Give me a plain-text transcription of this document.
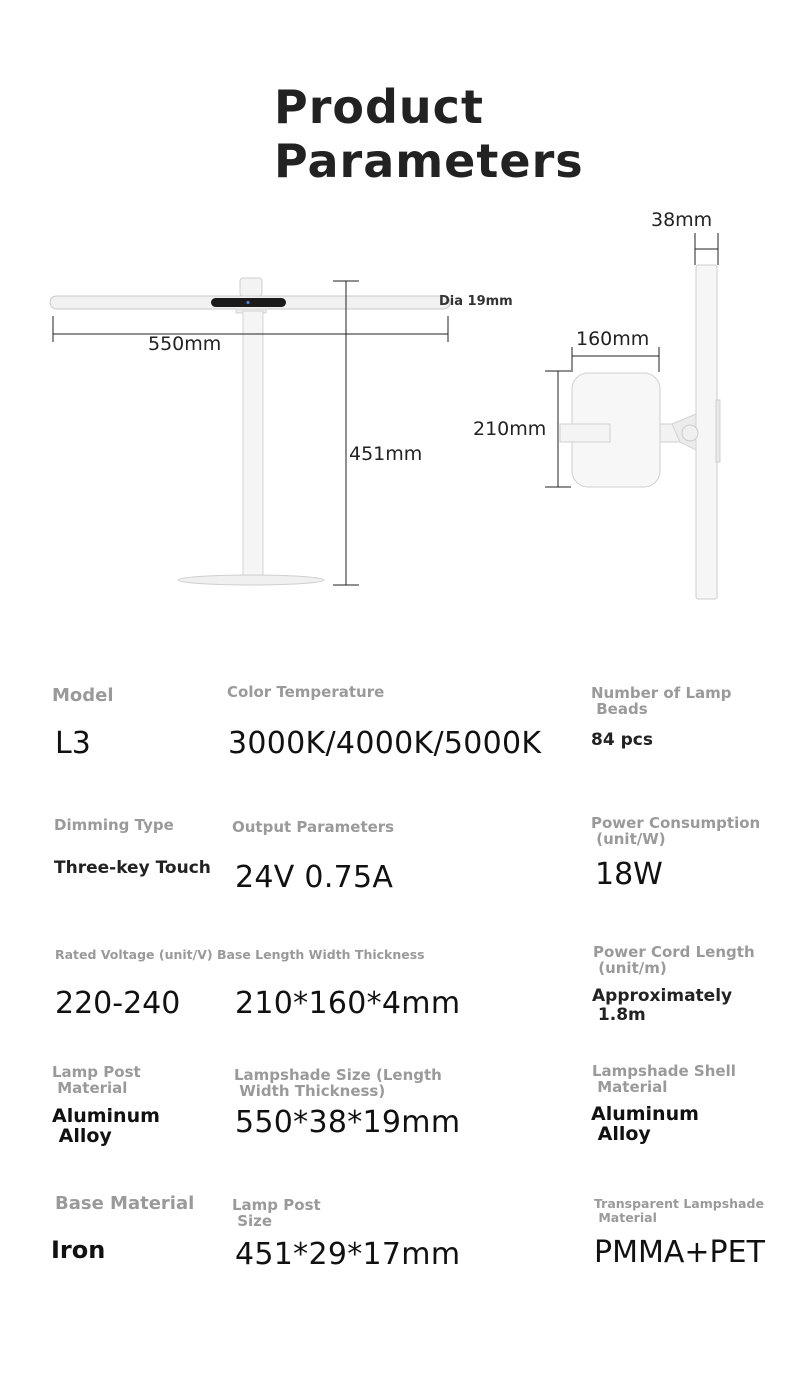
Product Parameters
550mm
451mm
Dia 19mm
38mm
160mm
210mm
Model
L3
Color Temperature
3000K/4000K/5000K
Number of Lamp
Beads
84 pcs
Dimming Type
Three-key Touch
Output Parameters
24V 0.75A
Power Consumption
(unit/W)
18W
Rated Voltage (unit/V) Base Length Width Thickness
220-240 210*160*4mm
Power Cord Length
(unit/m)
Approximately
1.8m
Lamp Post
Material
Aluminum
Alloy
Lampshade Size (Length
Width Thickness)
550*38*19mm
Lampshade Shell
Material
Aluminum
Alloy
Base Material
Iron
Lamp Post
Size
451*29*17mm
Transparent Lampshade
Material
PMMA+PET
